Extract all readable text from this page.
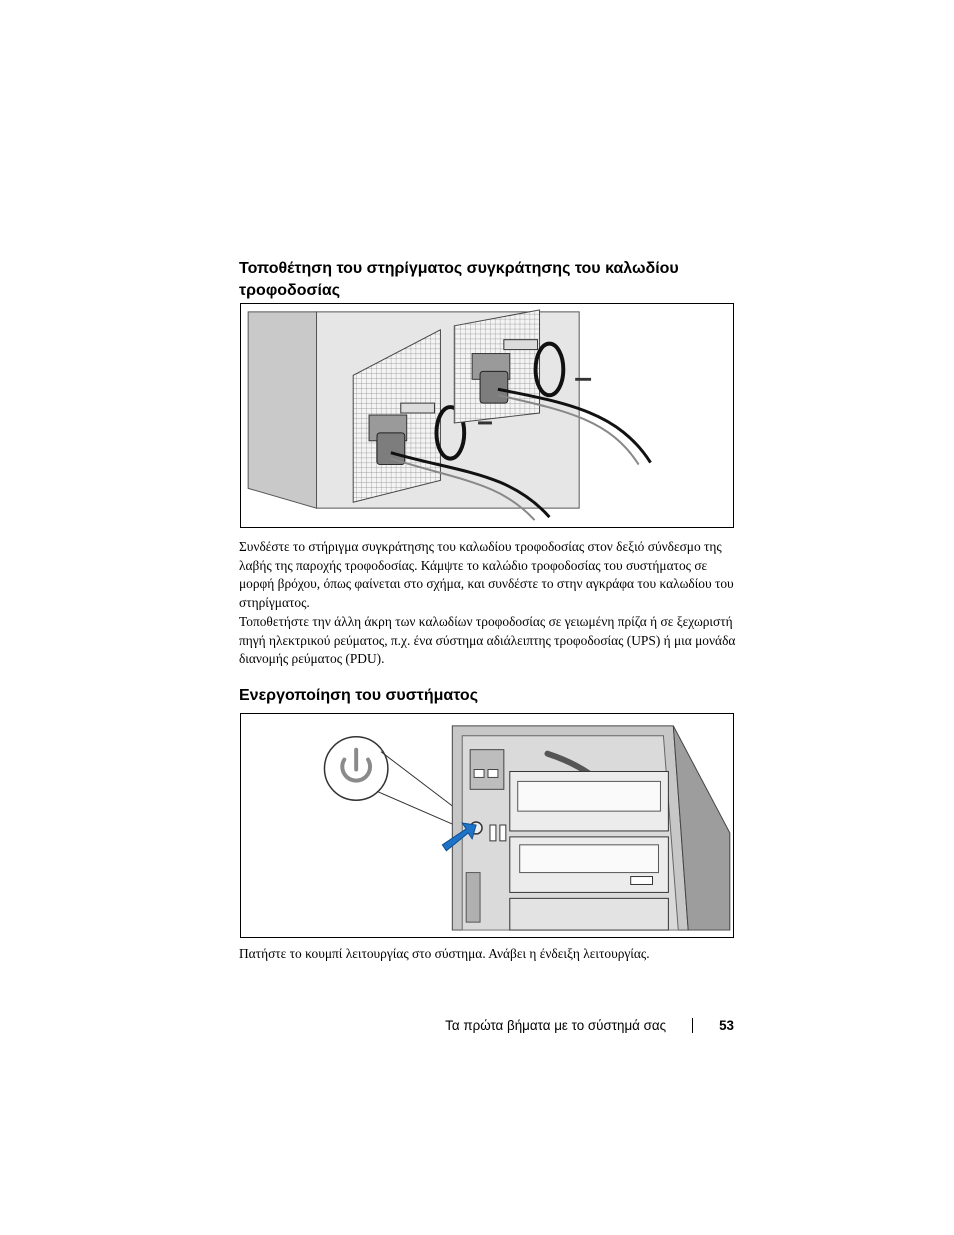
Τοποθέτηση του στηρίγματος συγκράτησης του καλωδίου τροφοδοσίας

Συνδέστε το στήριγμα συγκράτησης του καλωδίου τροφοδοσίας στον δεξιό σύνδεσμο της λαβής της παροχής τροφοδοσίας. Κάμψτε το καλώδιο τροφοδοσίας του συστήματος σε μορφή βρόχου, όπως φαίνεται στο σχήμα, και συνδέστε το στην αγκράφα του καλωδίου του στηρίγματος.

Τοποθετήστε την άλλη άκρη των καλωδίων τροφοδοσίας σε γειωμένη πρίζα ή σε ξεχωριστή πηγή ηλεκτρικού ρεύματος, π.χ. ένα σύστημα αδιάλειπτης τροφοδοσίας (UPS) ή μια μονάδα διανομής ρεύματος (PDU).

Ενεργοποίηση του συστήματος

Πατήστε το κουμπί λειτουργίας στο σύστημα. Ανάβει η ένδειξη λειτουργίας.

Τα πρώτα βήματα με το σύστημά σας	53
